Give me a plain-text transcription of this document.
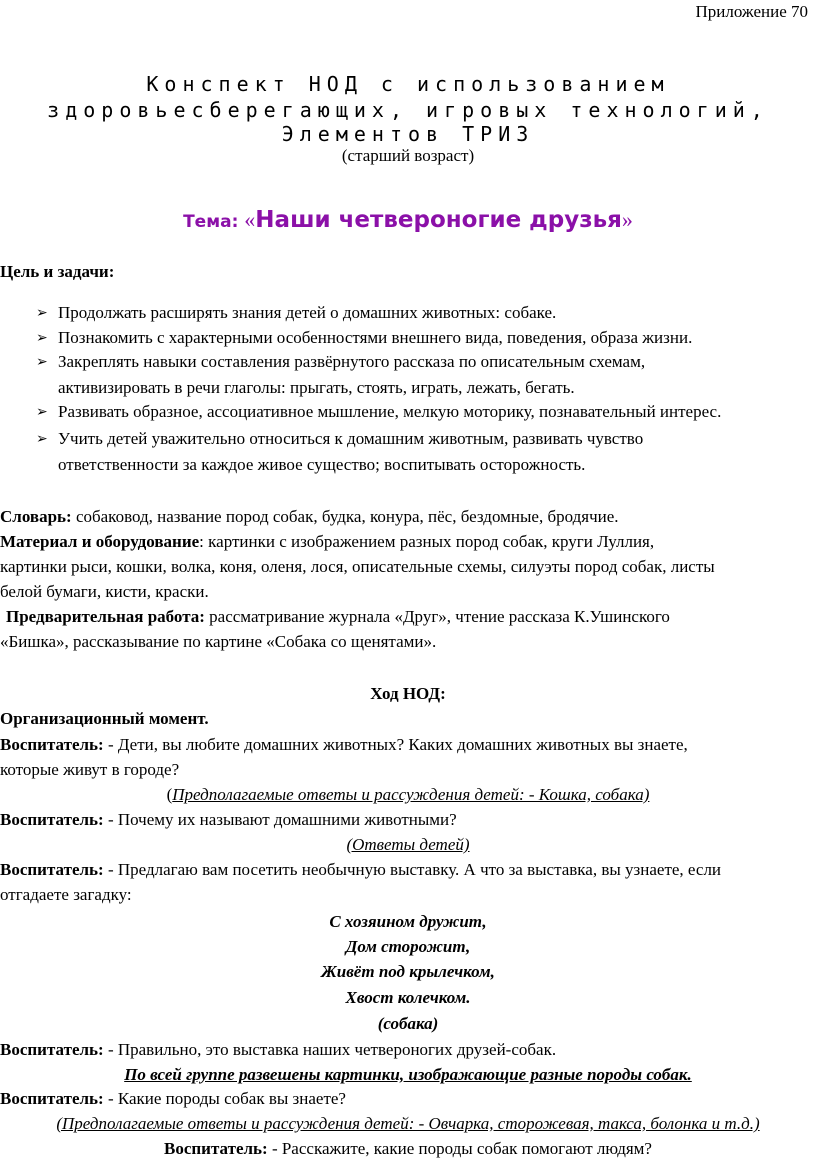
Приложение 70
Конспект НОД с использованием
здоровьесберегающих, игровых технологий,
Элементов ТРИЗ
(старший возраст)
Тема: «Наши четвероногие друзья»
Цель и задачи:
➢ Продолжать расширять знания детей о домашних животных: собаке.
➢ Познакомить с характерными особенностями внешнего вида, поведения, образа жизни.
➢ Закреплять навыки составления развёрнутого рассказа по описательным схемам,
активизировать в речи глаголы: прыгать, стоять, играть, лежать, бегать.
➢ Развивать образное, ассоциативное мышление, мелкую моторику, познавательный интерес.
➢ Учить детей уважительно относиться к домашним животным, развивать чувство
ответственности за каждое живое существо; воспитывать осторожность.
Словарь: собаковод, название пород собак, будка, конура, пёс, бездомные, бродячие.
Материал и оборудование: картинки с изображением разных пород собак, круги Луллия,
картинки рыси, кошки, волка, коня, оленя, лося, описательные схемы, силуэты пород собак, листы
белой бумаги, кисти, краски.
Предварительная работа: рассматривание журнала «Друг», чтение рассказа К.Ушинского
«Бишка», рассказывание по картине «Собака со щенятами».
Ход НОД:
Организационный момент.
Воспитатель: - Дети, вы любите домашних животных? Каких домашних животных вы знаете,
которые живут в городе?
(Предполагаемые ответы и рассуждения детей: - Кошка, собака)
Воспитатель: - Почему их называют домашними животными?
(Ответы детей)
Воспитатель: - Предлагаю вам посетить необычную выставку. А что за выставка, вы узнаете, если
отгадаете загадку:
С хозяином дружит,
Дом сторожит,
Живёт под крылечком,
Хвост колечком.
(собака)
Воспитатель: - Правильно, это выставка наших четвероногих друзей-собак.
По всей группе развешены картинки, изображающие разные породы собак.
Воспитатель: - Какие породы собак вы знаете?
(Предполагаемые ответы и рассуждения детей: - Овчарка, сторожевая, такса, болонка и т.д.)
Воспитатель: - Расскажите, какие породы собак помогают людям?
